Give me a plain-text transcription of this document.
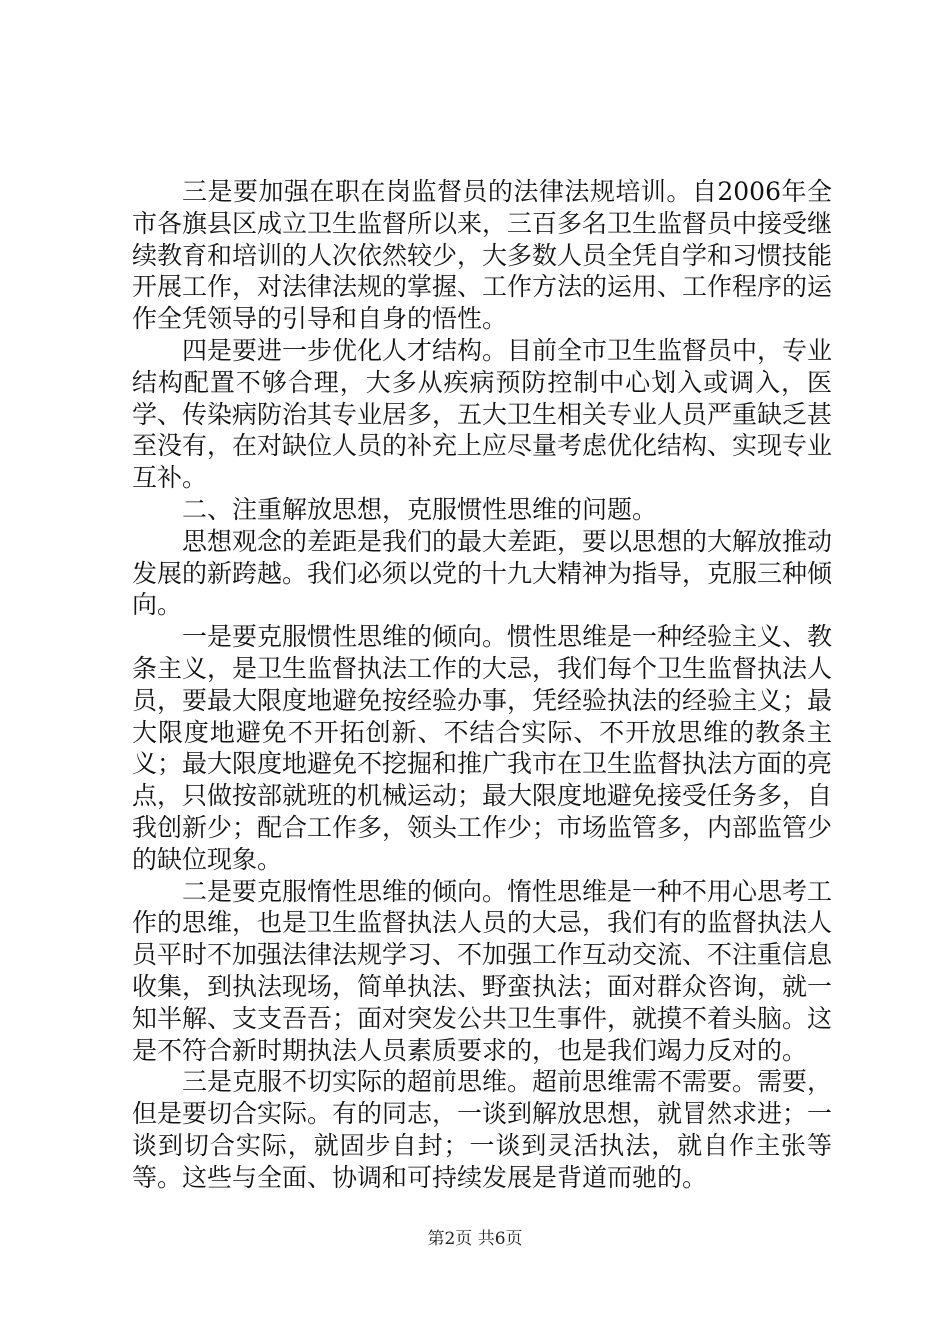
三是要加强在职在岗监督员的法律法规培训。自2006年全市各旗县区成立卫生监督所以来，三百多名卫生监督员中接受继续教育和培训的人次依然较少，大多数人员全凭自学和习惯技能开展工作，对法律法规的掌握、工作方法的运用、工作程序的运作全凭领导的引导和自身的悟性。

四是要进一步优化人才结构。目前全市卫生监督员中，专业结构配置不够合理，大多从疾病预防控制中心划入或调入，医学、传染病防治其专业居多，五大卫生相关专业人员严重缺乏甚至没有，在对缺位人员的补充上应尽量考虑优化结构、实现专业互补。

二、注重解放思想，克服惯性思维的问题。

思想观念的差距是我们的最大差距，要以思想的大解放推动发展的新跨越。我们必须以党的十九大精神为指导，克服三种倾向。

一是要克服惯性思维的倾向。惯性思维是一种经验主义、教条主义，是卫生监督执法工作的大忌，我们每个卫生监督执法人员，要最大限度地避免按经验办事，凭经验执法的经验主义；最大限度地避免不开拓创新、不结合实际、不开放思维的教条主义；最大限度地避免不挖掘和推广我市在卫生监督执法方面的亮点，只做按部就班的机械运动；最大限度地避免接受任务多，自我创新少；配合工作多，领头工作少；市场监管多，内部监管少的缺位现象。

二是要克服惰性思维的倾向。惰性思维是一种不用心思考工作的思维，也是卫生监督执法人员的大忌，我们有的监督执法人员平时不加强法律法规学习、不加强工作互动交流、不注重信息收集，到执法现场，简单执法、野蛮执法；面对群众咨询，就一知半解、支支吾吾；面对突发公共卫生事件，就摸不着头脑。这是不符合新时期执法人员素质要求的，也是我们竭力反对的。

三是克服不切实际的超前思维。超前思维需不需要。需要，但是要切合实际。有的同志，一谈到解放思想，就冒然求进；一谈到切合实际，就固步自封；一谈到灵活执法，就自作主张等等。这些与全面、协调和可持续发展是背道而驰的。

第2页 共6页
